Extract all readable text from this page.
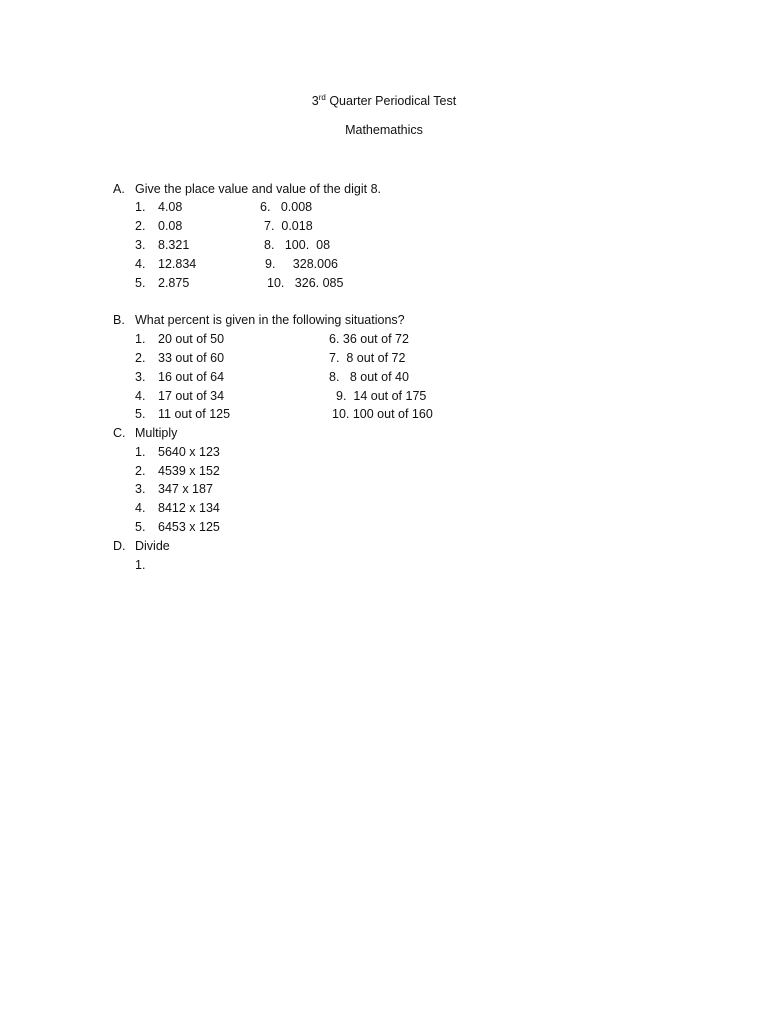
3rd Quarter Periodical Test
Mathemathics
A. Give the place value and value of the digit 8.
1. 4.08	6.   0.008
2. 0.08	7.  0.018
3. 8.321	8.   100.  08
4. 12.834	9.     328.006
5. 2.875	10.   326. 085
B. What percent is given in the following situations?
1. 20 out of 50	6. 36 out of 72
2. 33 out of 60	7.  8 out of 72
3. 16 out of 64	8.   8 out of 40
4. 17 out of 34	9.  14 out of 175
5. 11 out of 125	10. 100 out of 160
C. Multiply
1. 5640 x 123
2. 4539 x 152
3. 347 x 187
4. 8412 x 134
5. 6453 x 125
D. Divide
1.
